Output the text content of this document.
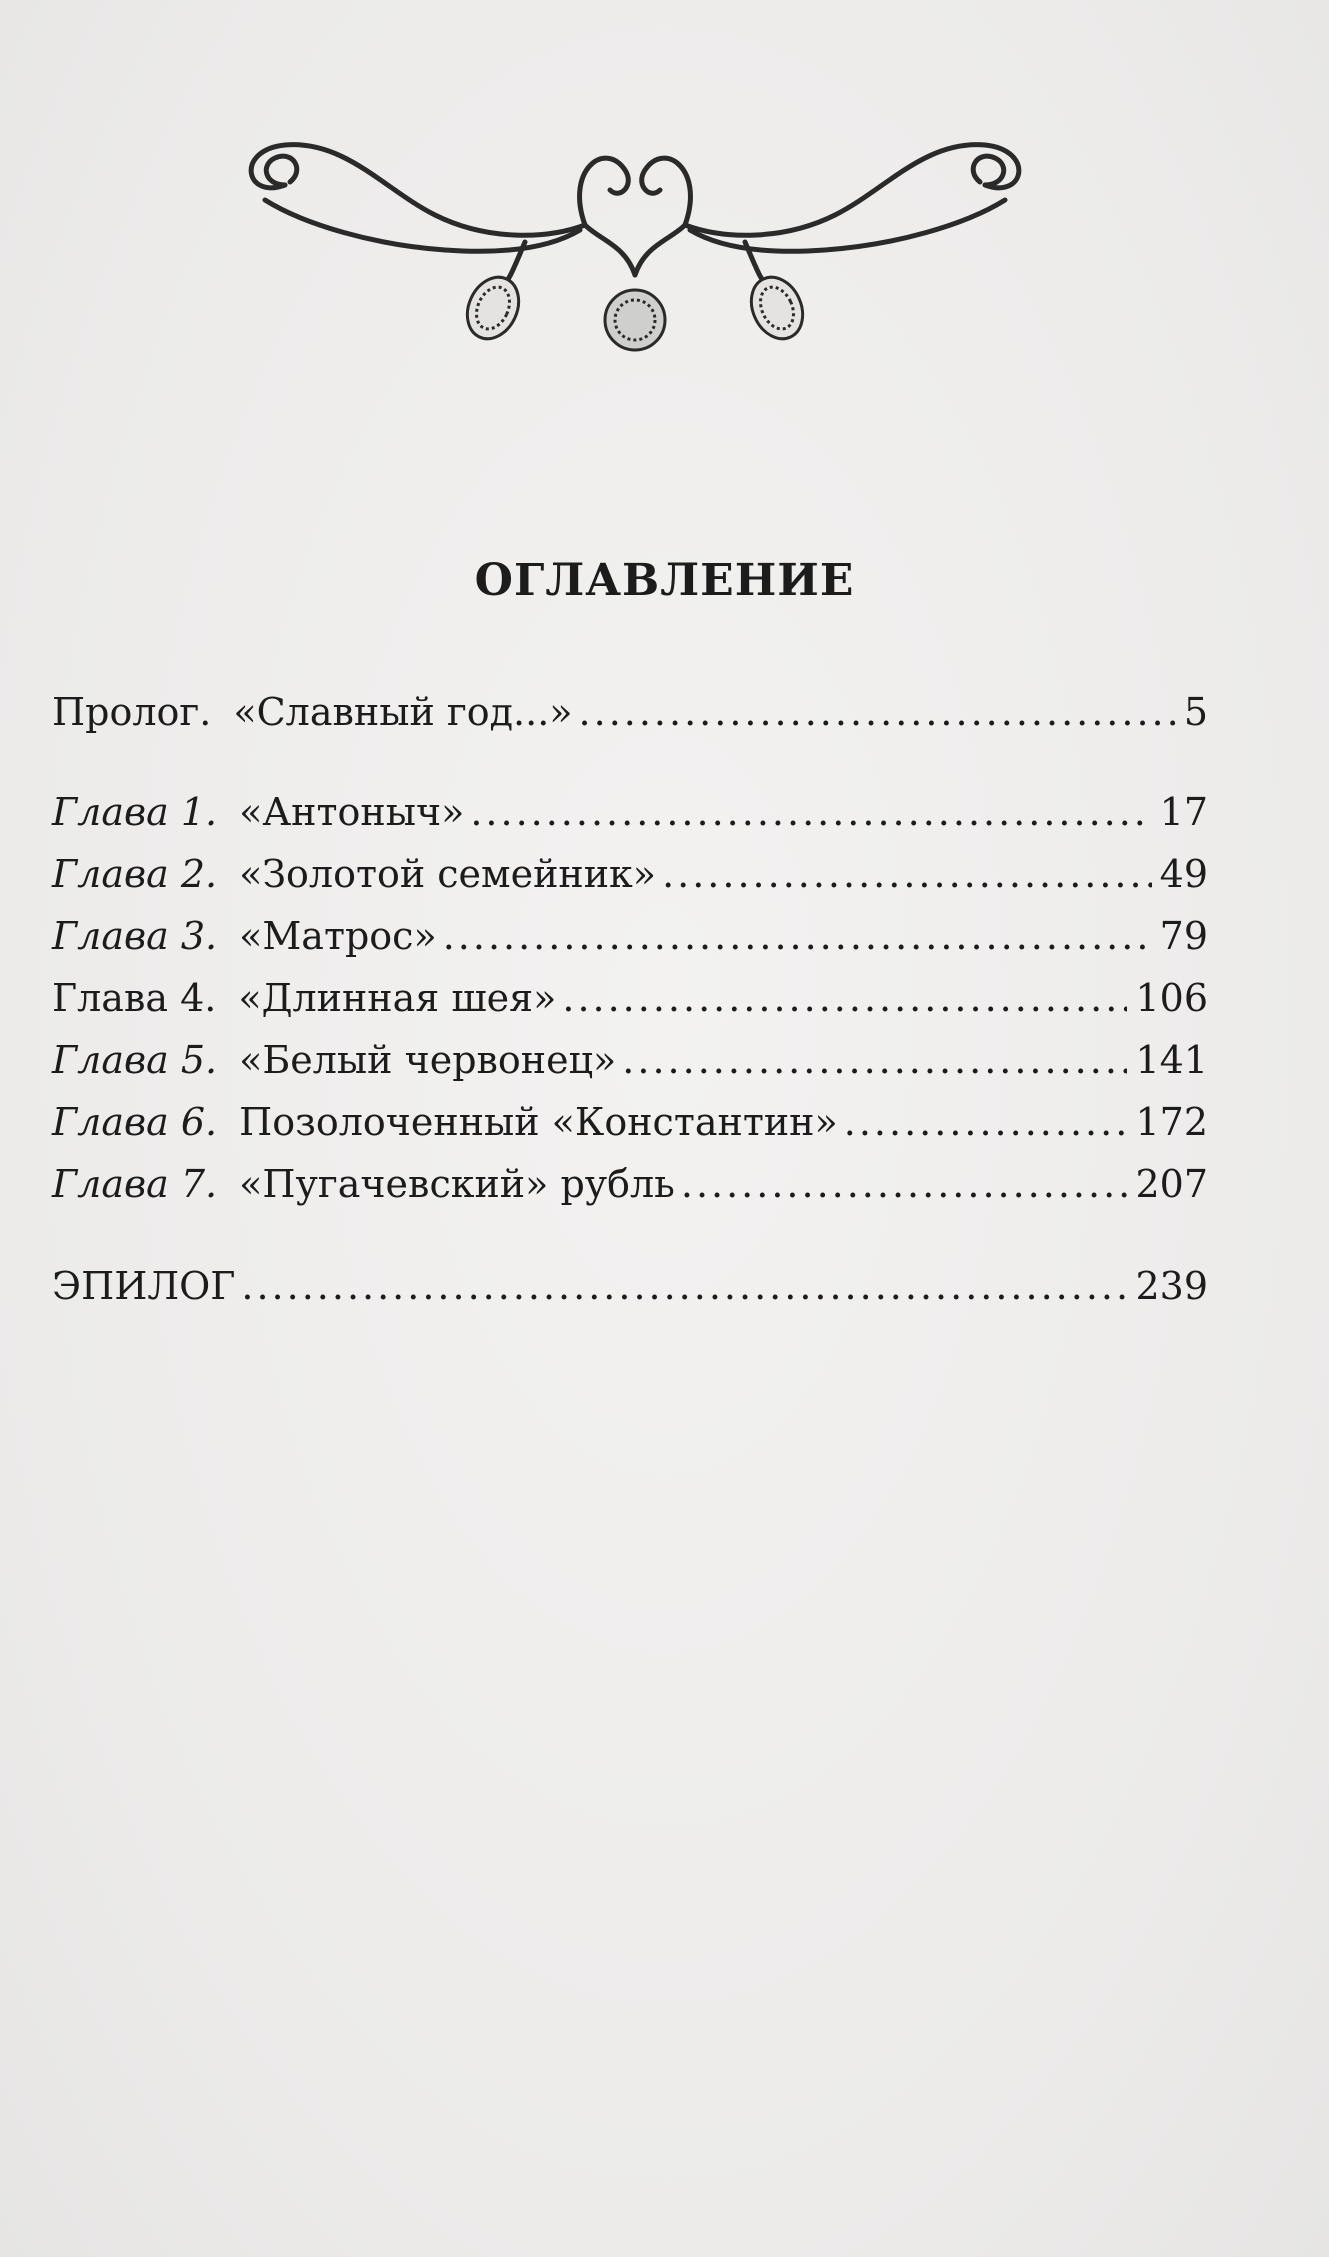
ОГЛАВЛЕНИЕ
Пролог. «Славный год...» .....	5
Глава 1. «Антоныч» .....	17
Глава 2. «Золотой семейник» .....	49
Глава 3. «Матрос» .....	79
Глава 4. «Длинная шея» .....	106
Глава 5. «Белый червонец» .....	141
Глава 6. Позолоченный «Константин» .....	172
Глава 7. «Пугачевский» рубль .....	207
ЭПИЛОГ .....	239
